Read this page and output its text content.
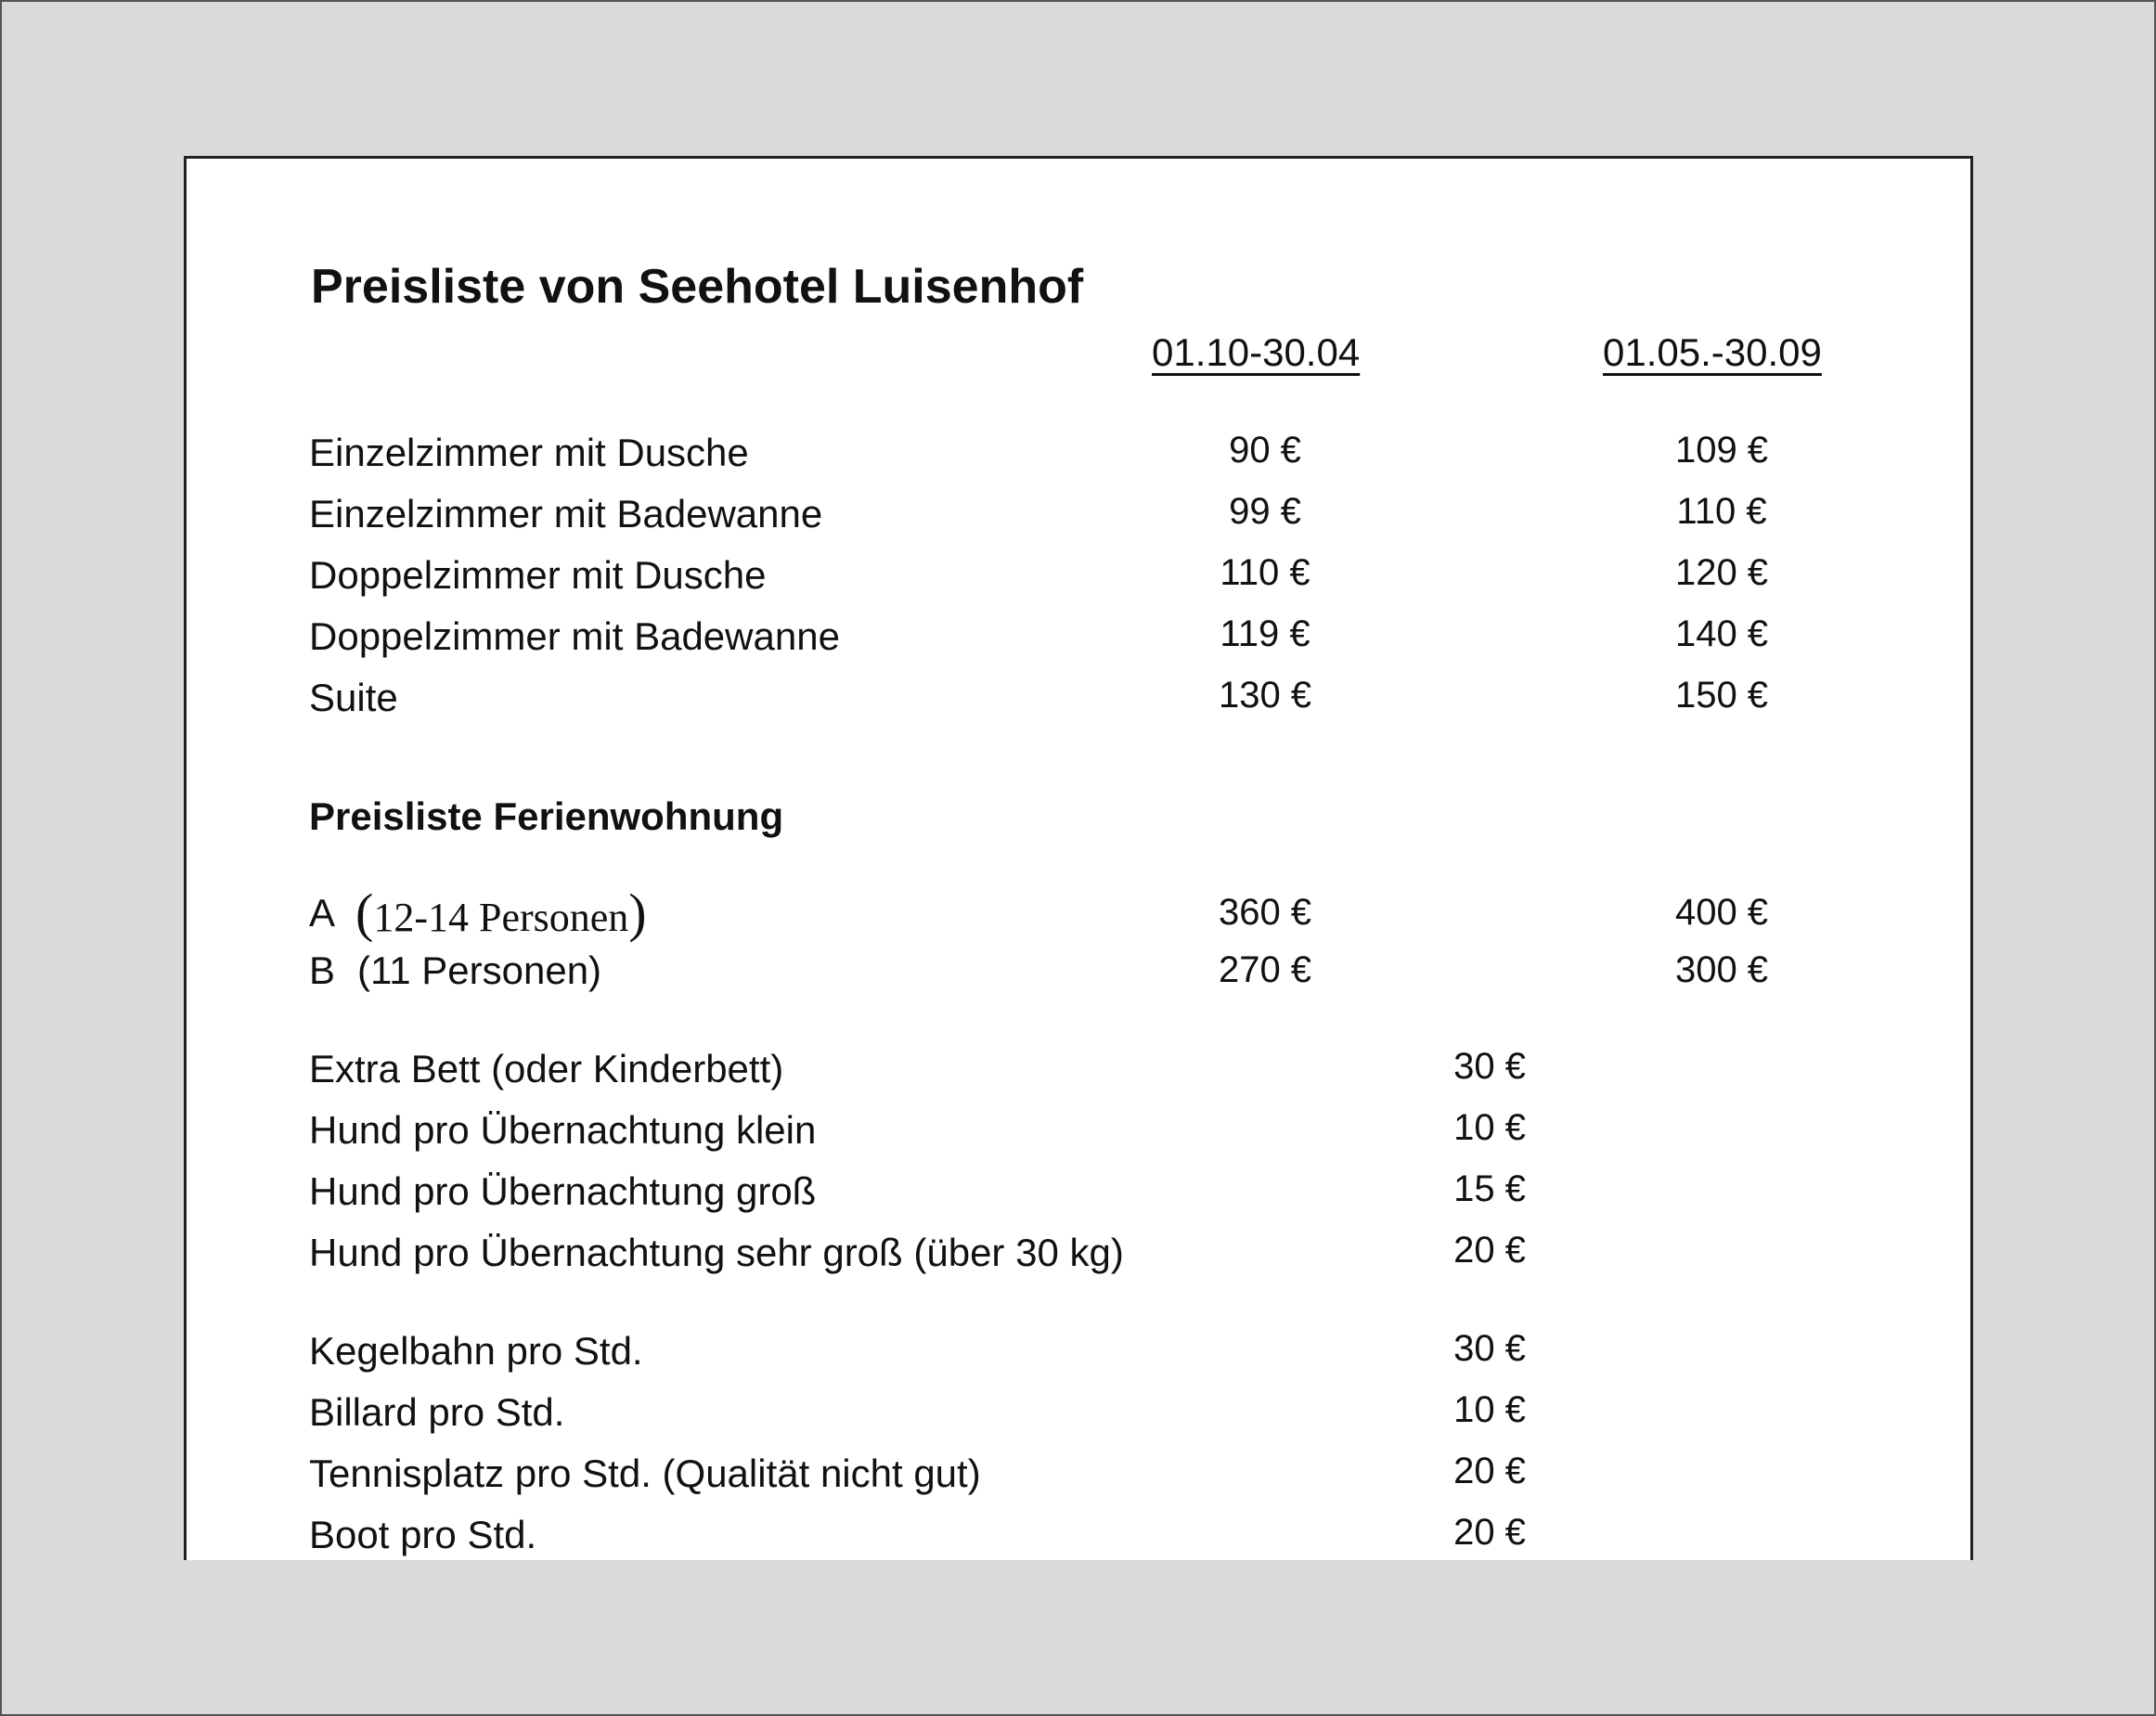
Preisliste von Seehotel Luisenhof
01.10-30.04	01.05.-30.09
Einzelzimmer mit Dusche	90 €	109 €
Einzelzimmer mit Badewanne	99 €	110 €
Doppelzimmer mit Dusche	110 €	120 €
Doppelzimmer mit Badewanne	119 €	140 €
Suite	130 €	150 €
Preisliste Ferienwohnung
A (12-14 Personen)	360 €	400 €
B (11 Personen)	270 €	300 €
Extra Bett (oder Kinderbett)	30 €
Hund pro Übernachtung klein	10 €
Hund pro Übernachtung groß	15 €
Hund pro Übernachtung sehr groß (über 30 kg)	20 €
Kegelbahn pro Std.	30 €
Billard pro Std.	10 €
Tennisplatz pro Std. (Qualität nicht gut)	20 €
Boot pro Std.	20 €
